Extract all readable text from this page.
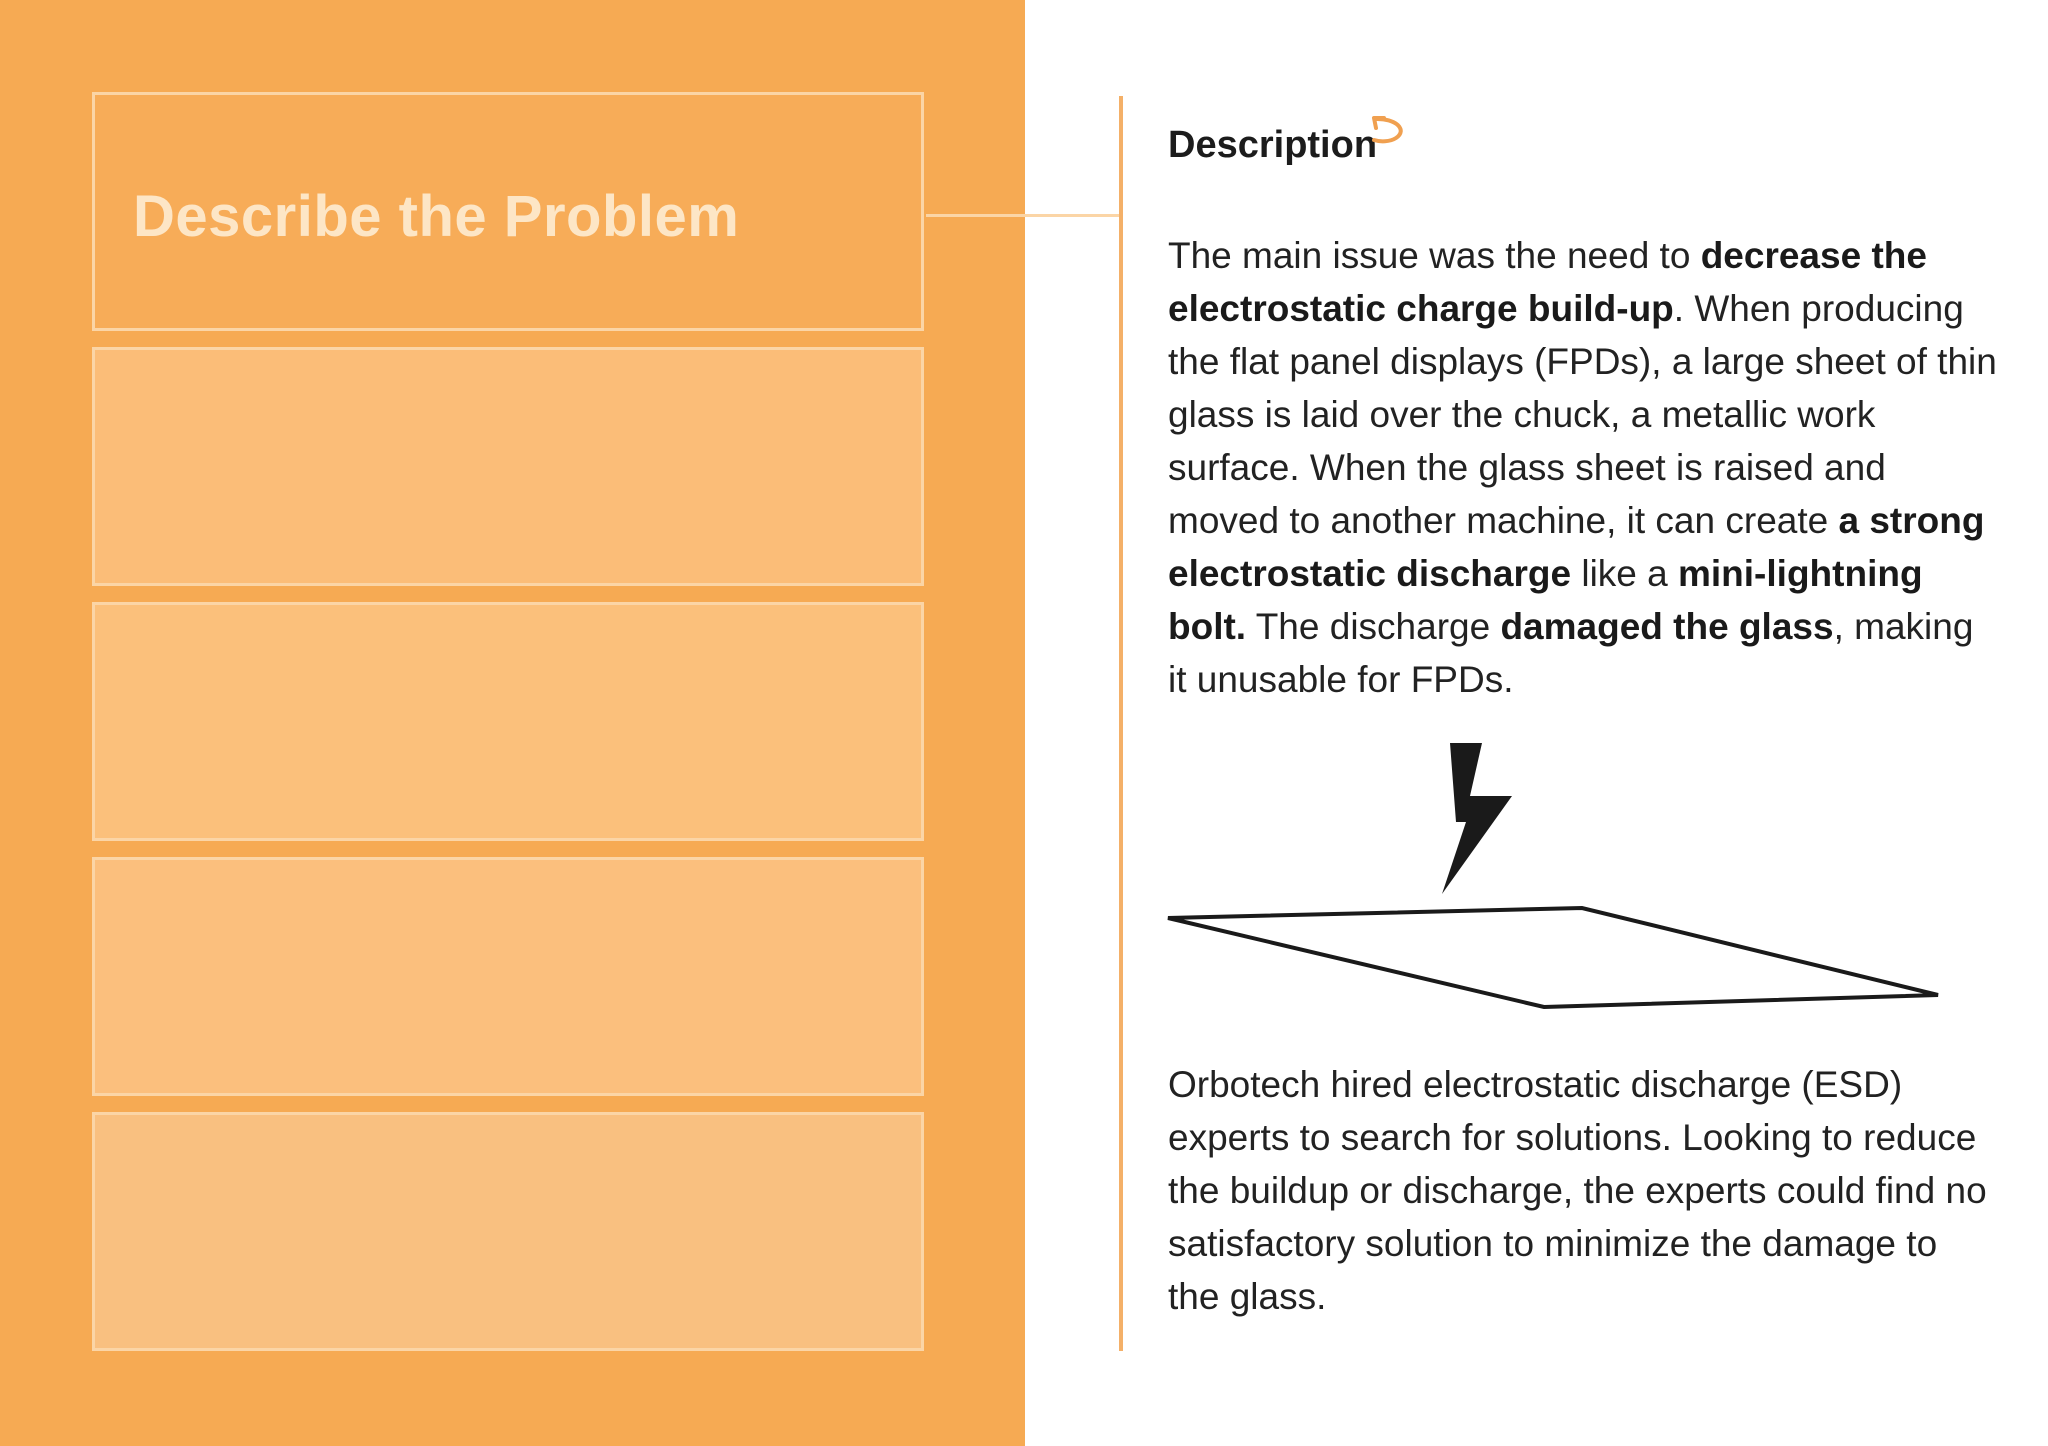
Describe the Problem
Description
The main issue was the need to decrease the electrostatic charge build-up. When producing the flat panel displays (FPDs), a large sheet of thin glass is laid over the chuck, a metallic work surface. When the glass sheet is raised and moved to another machine, it can create a strong electrostatic discharge like a mini-lightning bolt. The discharge damaged the glass, making it unusable for FPDs.
Orbotech hired electrostatic discharge (ESD) experts to search for solutions. Looking to reduce the buildup or discharge, the experts could find no satisfactory solution to minimize the damage to the glass.
